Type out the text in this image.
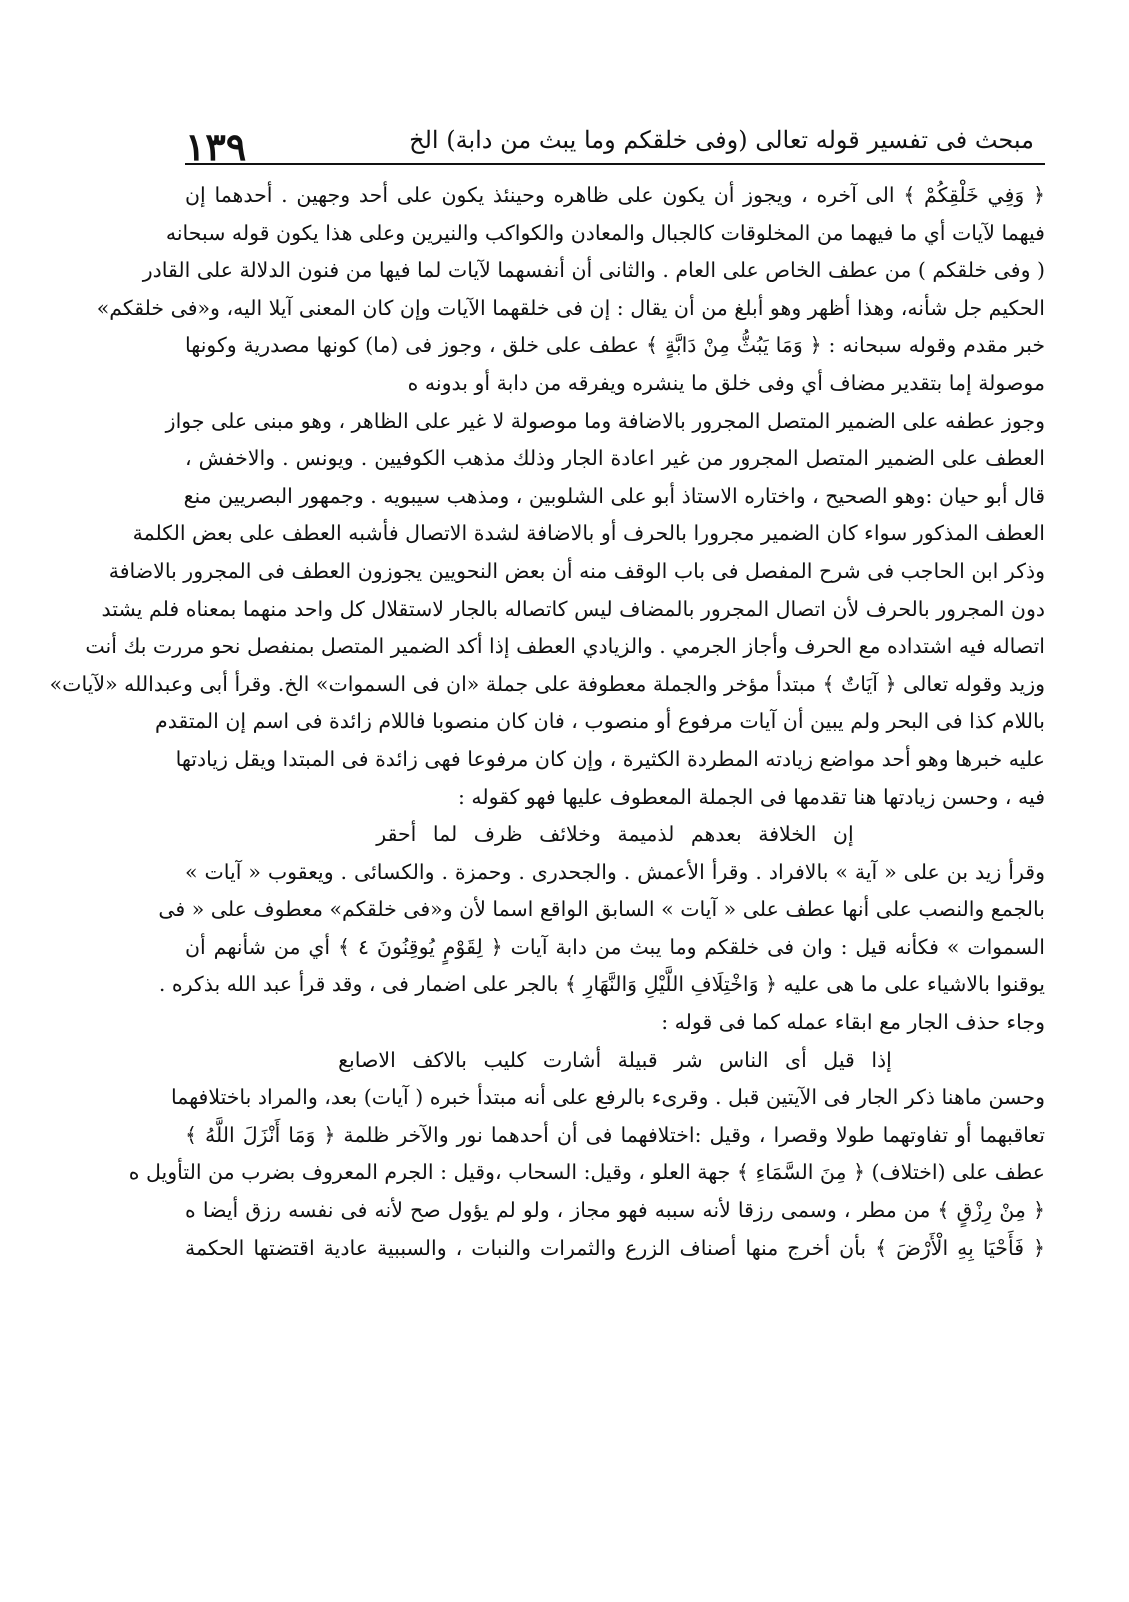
مبحث فى تفسير قوله تعالى (وفى خلقكم وما يبث من دابة) الخ
١٣٩
﴿ وَفِي خَلْقِكُمْ ﴾ الى آخره ، ويجوز أن يكون على ظاهره وحينئذ يكون على أحد وجهين . أحدهما إن
فيهما لآيات أي ما فيهما من المخلوقات كالجبال والمعادن والكواكب والنيرين وعلى هذا يكون قوله سبحانه
( وفى خلقكم ) من عطف الخاص على العام . والثانى أن أنفسهما لآيات لما فيها من فنون الدلالة على القادر
الحكيم جل شأنه، وهذا أظهر وهو أبلغ من أن يقال : إن فى خلقهما الآيات وإن كان المعنى آيلا اليه، و«فى خلقكم»
خبر مقدم وقوله سبحانه : ﴿ وَمَا يَبُثُّ مِنْ دَابَّةٍ ﴾ عطف على خلق ، وجوز فى (ما) كونها مصدرية وكونها
موصولة إما بتقدير مضاف أي وفى خلق ما ينشره ويفرقه من دابة أو بدونه ه
وجوز عطفه على الضمير المتصل المجرور بالاضافة وما موصولة لا غير على الظاهر ، وهو مبنى على جواز
العطف على الضمير المتصل المجرور من غير اعادة الجار وذلك مذهب الكوفيين . ويونس . والاخفش ،
قال أبو حيان :وهو الصحيح ، واختاره الاستاذ أبو على الشلوبين ، ومذهب سيبويه . وجمهور البصريين منع
العطف المذكور سواء كان الضمير مجرورا بالحرف أو بالاضافة لشدة الاتصال فأشبه العطف على بعض الكلمة
وذكر ابن الحاجب فى شرح المفصل فى باب الوقف منه أن بعض النحويين يجوزون العطف فى المجرور بالاضافة
دون المجرور بالحرف لأن اتصال المجرور بالمضاف ليس كاتصاله بالجار لاستقلال كل واحد منهما بمعناه فلم يشتد
اتصاله فيه اشتداده مع الحرف وأجاز الجرمي . والزيادي العطف إذا أكد الضمير المتصل بمنفصل نحو مررت بك أنت
وزيد وقوله تعالى ﴿ آيَاتٌ ﴾ مبتدأ مؤخر والجملة معطوفة على جملة «ان فى السموات» الخ. وقرأ أبى وعبدالله «لآيات»
باللام كذا فى البحر ولم يبين أن آيات مرفوع أو منصوب ، فان كان منصوبا فاللام زائدة فى اسم إن المتقدم
عليه خبرها وهو أحد مواضع زيادته المطردة الكثيرة ، وإن كان مرفوعا فهى زائدة فى المبتدا ويقل زيادتها
فيه ، وحسن زيادتها هنا تقدمها فى الجملة المعطوف عليها فهو كقوله :
إن الخلافة بعدهم لذميمة وخلائف ظرف لما أحقر
وقرأ زيد بن على « آية » بالافراد . وقرأ الأعمش . والجحدرى . وحمزة . والكسائى . ويعقوب « آيات »
بالجمع والنصب على أنها عطف على « آيات » السابق الواقع اسما لأن و«فى خلقكم» معطوف على « فى
السموات » فكأنه قيل : وان فى خلقكم وما يبث من دابة آيات ﴿ لِقَوْمٍ يُوقِنُونَ ٤ ﴾ أي من شأنهم أن
يوقنوا بالاشياء على ما هى عليه ﴿ وَاخْتِلَافِ اللَّيْلِ وَالنَّهَارِ ﴾ بالجر على اضمار فى ، وقد قرأ عبد الله بذكره .
وجاء حذف الجار مع ابقاء عمله كما فى قوله :
إذا قيل أى الناس شر قبيلة أشارت كليب بالاكف الاصابع
وحسن ماهنا ذكر الجار فى الآيتين قبل . وقرىء بالرفع على أنه مبتدأ خبره ( آيات) بعد، والمراد باختلافهما
تعاقبهما أو تفاوتهما طولا وقصرا ، وقيل :اختلافهما فى أن أحدهما نور والآخر ظلمة ﴿ وَمَا أَنْزَلَ اللَّهُ ﴾
عطف على (اختلاف) ﴿ مِنَ السَّمَاءِ ﴾ جهة العلو ، وقيل: السحاب ،وقيل : الجرم المعروف بضرب من التأويل ه
﴿ مِنْ رِزْقٍ ﴾ من مطر ، وسمى رزقا لأنه سببه فهو مجاز ، ولو لم يؤول صح لأنه فى نفسه رزق أيضا ه
﴿ فَأَحْيَا بِهِ الْأَرْضَ ﴾ بأن أخرج منها أصناف الزرع والثمرات والنبات ، والسببية عادية اقتضتها الحكمة
